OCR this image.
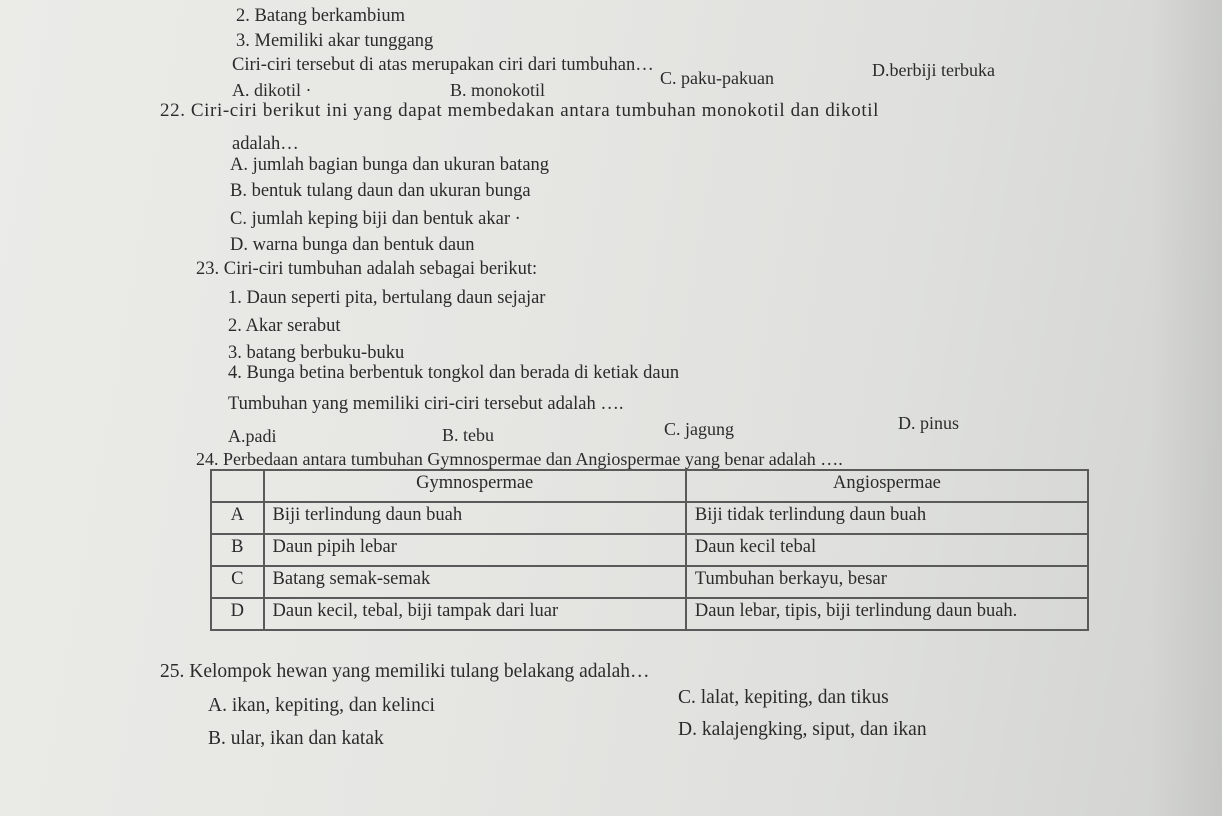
2. Batang berkambium
3. Memiliki akar tunggang
Ciri-ciri tersebut di atas merupakan ciri dari tumbuhan…
A. dikotil ·	B. monokotil
C. paku-pakuan	D.berbiji terbuka
22. Ciri-ciri berikut ini yang dapat membedakan antara tumbuhan monokotil dan dikotil
adalah…
A. jumlah bagian bunga dan ukuran batang
B. bentuk tulang daun dan ukuran bunga
C. jumlah keping biji dan bentuk akar ·
D. warna bunga dan bentuk daun
23. Ciri-ciri tumbuhan adalah sebagai berikut:
1. Daun seperti pita, bertulang daun sejajar
2. Akar serabut
3. batang berbuku-buku
4. Bunga betina berbentuk tongkol dan berada di ketiak daun
Tumbuhan yang memiliki ciri-ciri tersebut adalah ….
A.padi	B. tebu	C. jagung	D. pinus
24. Perbedaan antara tumbuhan Gymnospermae dan Angiospermae yang benar adalah ….
	Gymnospermae	Angiospermae
A	Biji terlindung daun buah	Biji tidak terlindung daun buah
B	Daun pipih lebar	Daun kecil tebal
C	Batang semak-semak	Tumbuhan berkayu, besar
D	Daun kecil, tebal, biji tampak dari luar	Daun lebar, tipis, biji terlindung daun buah.
25. Kelompok hewan yang memiliki tulang belakang adalah…
A. ikan, kepiting, dan kelinci	C. lalat, kepiting, dan tikus
B. ular, ikan dan katak	D. kalajengking, siput, dan ikan
